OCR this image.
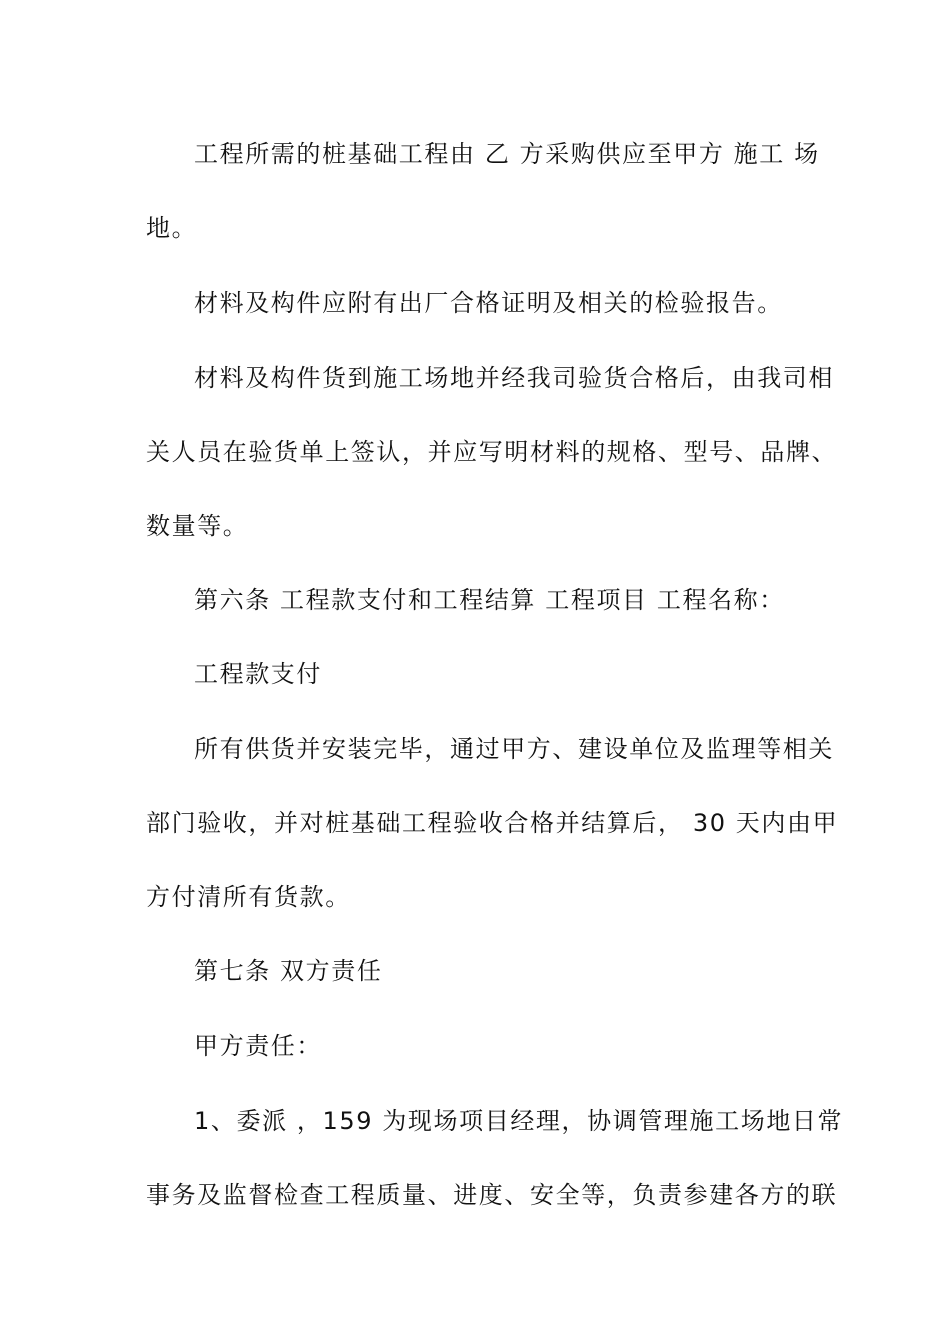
工程所需的桩基础工程由 乙 方采购供应至甲方 施工 场
地。
材料及构件应附有出厂合格证明及相关的检验报告。
材料及构件货到施工场地并经我司验货合格后，由我司相
关人员在验货单上签认，并应写明材料的规格、型号、品牌、
数量等。
第六条 工程款支付和工程结算 工程项目 工程名称：
工程款支付
所有供货并安装完毕，通过甲方、建设单位及监理等相关
部门验收，并对桩基础工程验收合格并结算后， 30 天内由甲
方付清所有货款。
第七条 双方责任
甲方责任：
1、委派 ，159 为现场项目经理，协调管理施工场地日常
事务及监督检查工程质量、进度、安全等，负责参建各方的联
